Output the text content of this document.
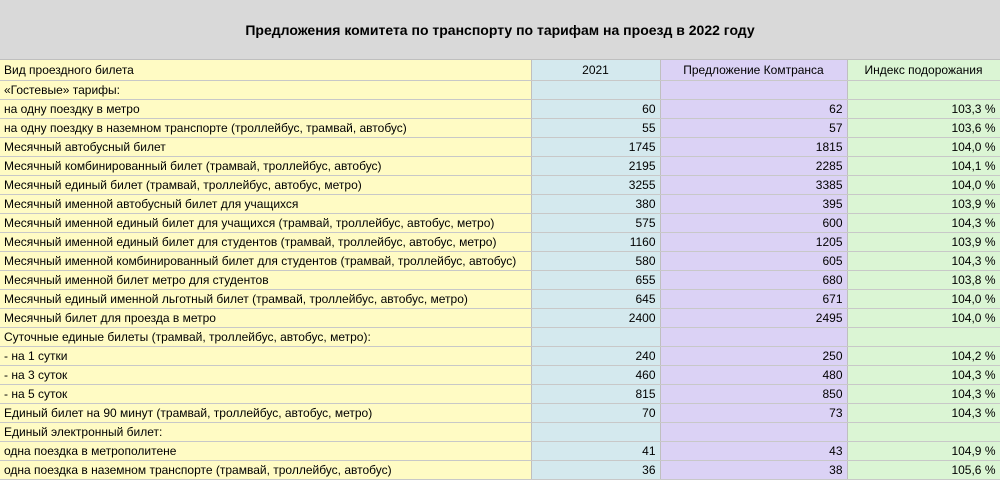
Предложения комитета по транспорту по тарифам на проезд в 2022 году
Вид проездного билета	2021	Предложение Комтранса	Индекс подорожания
«Гостевые» тарифы:			
на одну поездку в метро	60	62	103,3 %
на одну поездку в наземном транспорте (троллейбус, трамвай, автобус)	55	57	103,6 %
Месячный автобусный билет	1745	1815	104,0 %
Месячный комбинированный билет (трамвай, троллейбус, автобус)	2195	2285	104,1 %
Месячный единый билет (трамвай, троллейбус, автобус, метро)	3255	3385	104,0 %
Месячный именной автобусный билет для учащихся	380	395	103,9 %
Месячный именной единый билет для учащихся (трамвай, троллейбус, автобус, метро)	575	600	104,3 %
Месячный именной единый билет для студентов (трамвай, троллейбус, автобус, метро)	1160	1205	103,9 %
Месячный именной комбинированный билет для студентов (трамвай, троллейбус, автобус)	580	605	104,3 %
Месячный именной билет метро для студентов	655	680	103,8 %
Месячный единый именной льготный билет (трамвай, троллейбус, автобус, метро)	645	671	104,0 %
Месячный билет для проезда в метро	2400	2495	104,0 %
Суточные единые билеты (трамвай, троллейбус, автобус, метро):			
- на 1 сутки	240	250	104,2 %
- на 3 суток	460	480	104,3 %
- на 5 суток	815	850	104,3 %
Единый билет на 90 минут (трамвай, троллейбус, автобус, метро)	70	73	104,3 %
Единый электронный билет:			
одна поездка в метрополитене	41	43	104,9 %
одна поездка в наземном транспорте (трамвай, троллейбус, автобус)	36	38	105,6 %
